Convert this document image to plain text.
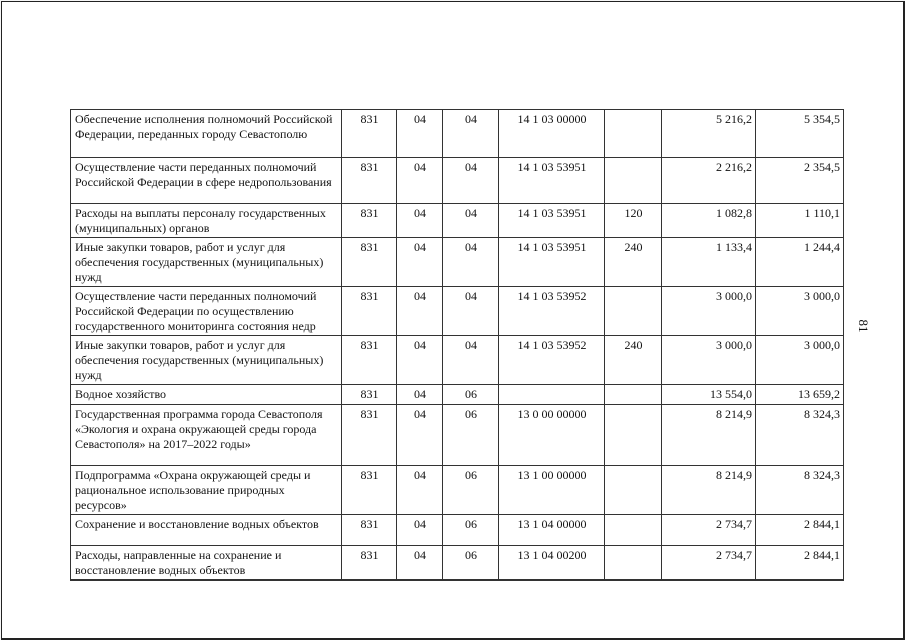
Обеспечение исполнения полномочий Российской Федерации, переданных городу Севастополю	831	04	04	14 1 03 00000		5 216,2	5 354,5
Осуществление части переданных полномочий Российской Федерации в сфере недропользования	831	04	04	14 1 03 53951		2 216,2	2 354,5
Расходы на выплаты персоналу государственных (муниципальных) органов	831	04	04	14 1 03 53951	120	1 082,8	1 110,1
Иные закупки товаров, работ и услуг для обеспечения государственных (муниципальных) нужд	831	04	04	14 1 03 53951	240	1 133,4	1 244,4
Осуществление части переданных полномочий Российской Федерации по осуществлению государственного мониторинга состояния недр	831	04	04	14 1 03 53952		3 000,0	3 000,0
Иные закупки товаров, работ и услуг для обеспечения государственных (муниципальных) нужд	831	04	04	14 1 03 53952	240	3 000,0	3 000,0
Водное хозяйство	831	04	06			13 554,0	13 659,2
Государственная программа города Севастополя «Экология и охрана окружающей среды города Севастополя» на 2017–2022 годы»	831	04	06	13 0 00 00000		8 214,9	8 324,3
Подпрограмма «Охрана окружающей среды и рациональное использование природных ресурсов»	831	04	06	13 1 00 00000		8 214,9	8 324,3
Сохранение и восстановление водных объектов	831	04	06	13 1 04 00000		2 734,7	2 844,1
Расходы, направленные на сохранение и восстановление водных объектов	831	04	06	13 1 04 00200		2 734,7	2 844,1
81
